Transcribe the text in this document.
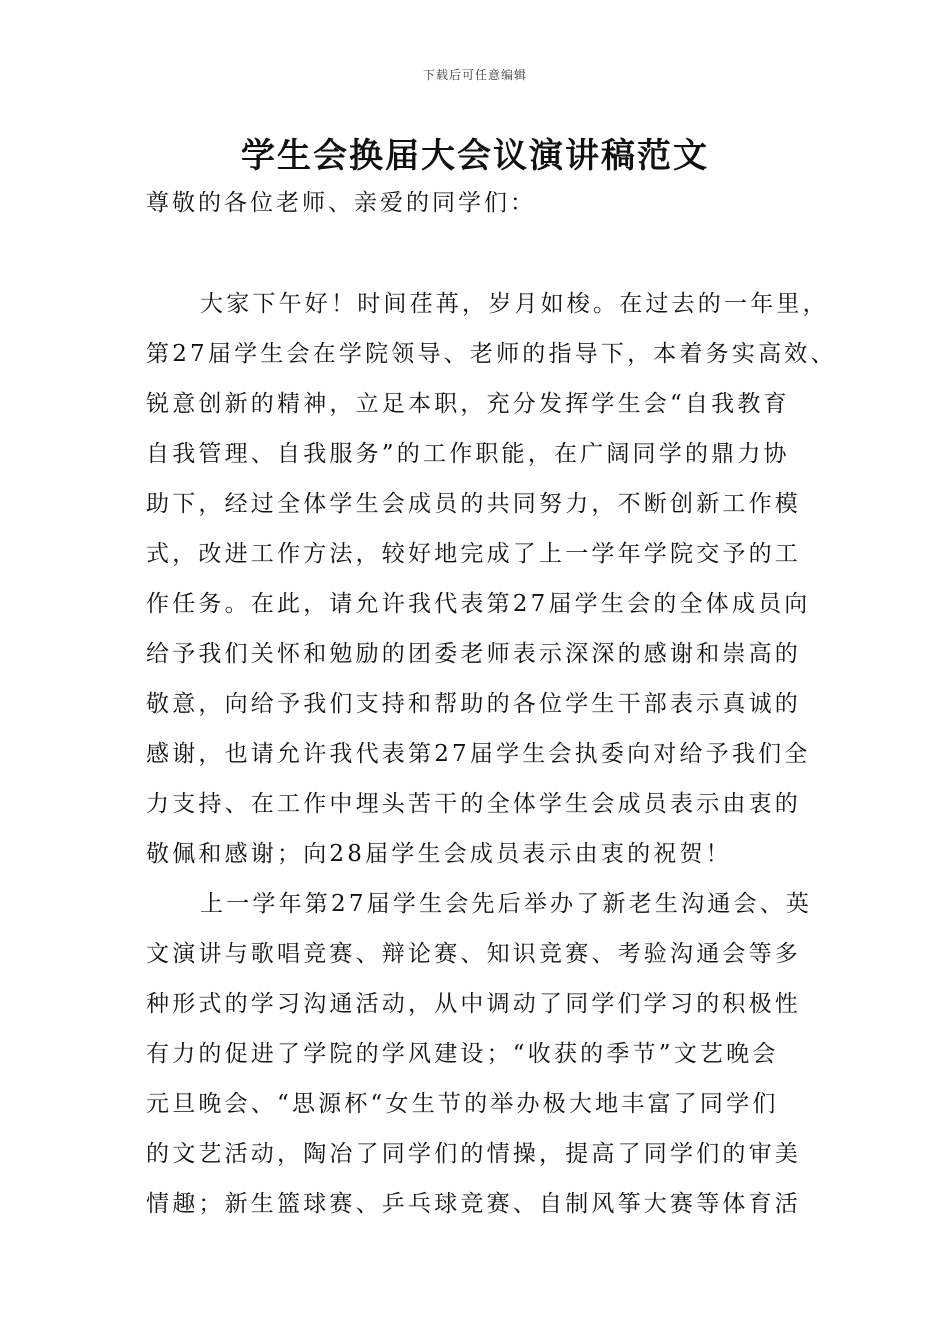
下载后可任意编辑
学生会换届大会议演讲稿范文
尊敬的各位老师、亲爱的同学们：
大家下午好！时间荏苒，岁月如梭。在过去的一年里，
第27届学生会在学院领导、老师的指导下，本着务实高效、
锐意创新的精神，立足本职，充分发挥学生会“自我教育
自我管理、自我服务”的工作职能，在广阔同学的鼎力协
助下，经过全体学生会成员的共同努力，不断创新工作模
式，改进工作方法，较好地完成了上一学年学院交予的工
作任务。在此，请允许我代表第27届学生会的全体成员向
给予我们关怀和勉励的团委老师表示深深的感谢和崇高的
敬意，向给予我们支持和帮助的各位学生干部表示真诚的
感谢，也请允许我代表第27届学生会执委向对给予我们全
力支持、在工作中埋头苦干的全体学生会成员表示由衷的
敬佩和感谢；向28届学生会成员表示由衷的祝贺！
上一学年第27届学生会先后举办了新老生沟通会、英
文演讲与歌唱竞赛、辩论赛、知识竞赛、考验沟通会等多
种形式的学习沟通活动，从中调动了同学们学习的积极性
有力的促进了学院的学风建设；“收获的季节”文艺晚会
元旦晚会、“思源杯“女生节的举办极大地丰富了同学们
的文艺活动，陶冶了同学们的情操，提高了同学们的审美
情趣；新生篮球赛、乒乓球竞赛、自制风筝大赛等体育活
